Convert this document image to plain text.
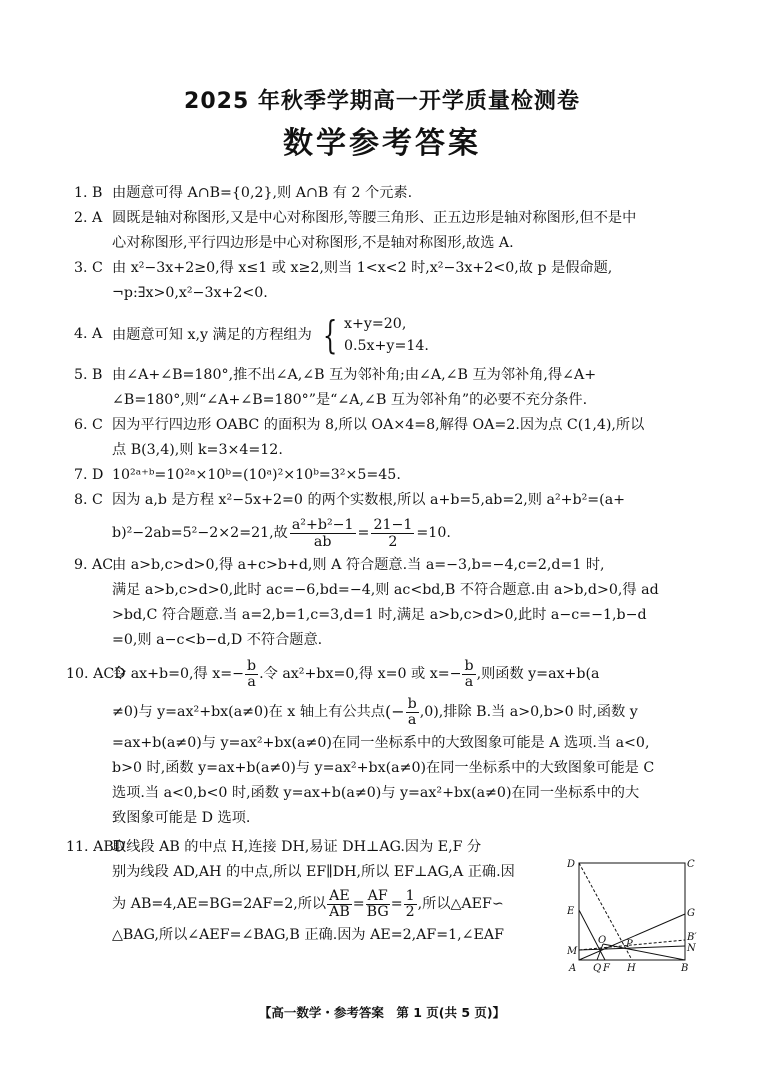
2025 年秋季学期高一开学质量检测卷
数学参考答案
1. B 由题意可得 A∩B={0,2},则 A∩B 有 2 个元素.
2. A 圆既是轴对称图形,又是中心对称图形,等腰三角形、正五边形是轴对称图形,但不是中
心对称图形,平行四边形是中心对称图形,不是轴对称图形,故选 A.
3. C 由 x²−3x+2≥0,得 x≤1 或 x≥2,则当 1<x<2 时,x²−3x+2<0,故 p 是假命题,
¬p:∃x>0,x²−3x+2<0.
4. A 由题意可知 x,y 满足的方程组为 { x+y=20,
0.5x+y=14.
5. B 由∠A+∠B=180°,推不出∠A,∠B 互为邻补角;由∠A,∠B 互为邻补角,得∠A+
∠B=180°,则“∠A+∠B=180°”是“∠A,∠B 互为邻补角”的必要不充分条件.
6. C 因为平行四边形 OABC 的面积为 8,所以 OA×4=8,解得 OA=2.因为点 C(1,4),所以
点 B(3,4),则 k=3×4=12.
7. D 10²ᵃ⁺ᵇ=10²ᵃ×10ᵇ=(10ᵃ)²×10ᵇ=3²×5=45.
8. C 因为 a,b 是方程 x²−5x+2=0 的两个实数根,所以 a+b=5,ab=2,则 a²+b²=(a+
b)²−2ab=5²−2×2=21,故 $\frac{\text{a²+b²−1}}{ab} = \frac{21-1}{2} =10$.
9. AC
由 a>b,c>d>0,得 a+c>b+d,则 A 符合题意.当 a=−3,b=−4,c=2,d=1 时,
满足 a>b,c>d>0,此时 ac=−6,bd=−4,则 ac<bd,B 不符合题意.由 a>b,d>0,得 ad
>bd,C 符合题意.当 a=2,b=1,c=3,d=1 时,满足 a>b,c>d>0,此时 a−c=−1,b−d
=0,则 a−c<b−d,D 不符合题意.
10. ACD
令 ax+b=0,得 $x=- \frac{b}{a}$ .令 ax²+bx=0,得 x=0 或 $x=- \frac{b}{a}$ ,则函数 y=ax+b(a
≠0)与 y=ax²+bx(a≠0)在 x 轴上有公共点 (− $\frac{b}{a} ,0$) ,排除 B.当 a>0,b>0 时,函数 y
=ax+b(a≠0)与 y=ax²+bx(a≠0)在同一坐标系中的大致图象可能是 A 选项.当 a<0,
b>0 时,函数 y=ax+b(a≠0)与 y=ax²+bx(a≠0)在同一坐标系中的大致图象可能是 C
选项.当 a<0,b<0 时,函数 y=ax+b(a≠0)与 y=ax²+bx(a≠0)在同一坐标系中的大
致图象可能是 D 选项.
11. ABD
取线段 AB 的中点 H,连接 DH,易证 DH⊥AG.因为 E,F 分
别为线段 AD,AH 的中点,所以 EF∥DH,所以 EF⊥AG,A 正确.因
为 AB=4,AE=BG=2AF=2,所以 $\frac{AE}{AB} = \frac{AF}{BG} = \frac{1}{2}$ ,所以△AEF∽
△BAG,所以∠AEF=∠BAG,B 正确.因为 AE=2,AF=1,∠EAF
D	C
E	G
B′
N
M
O P
A Q F H	B
【高一数学・参考答案　第 1 页(共 5 页)】
